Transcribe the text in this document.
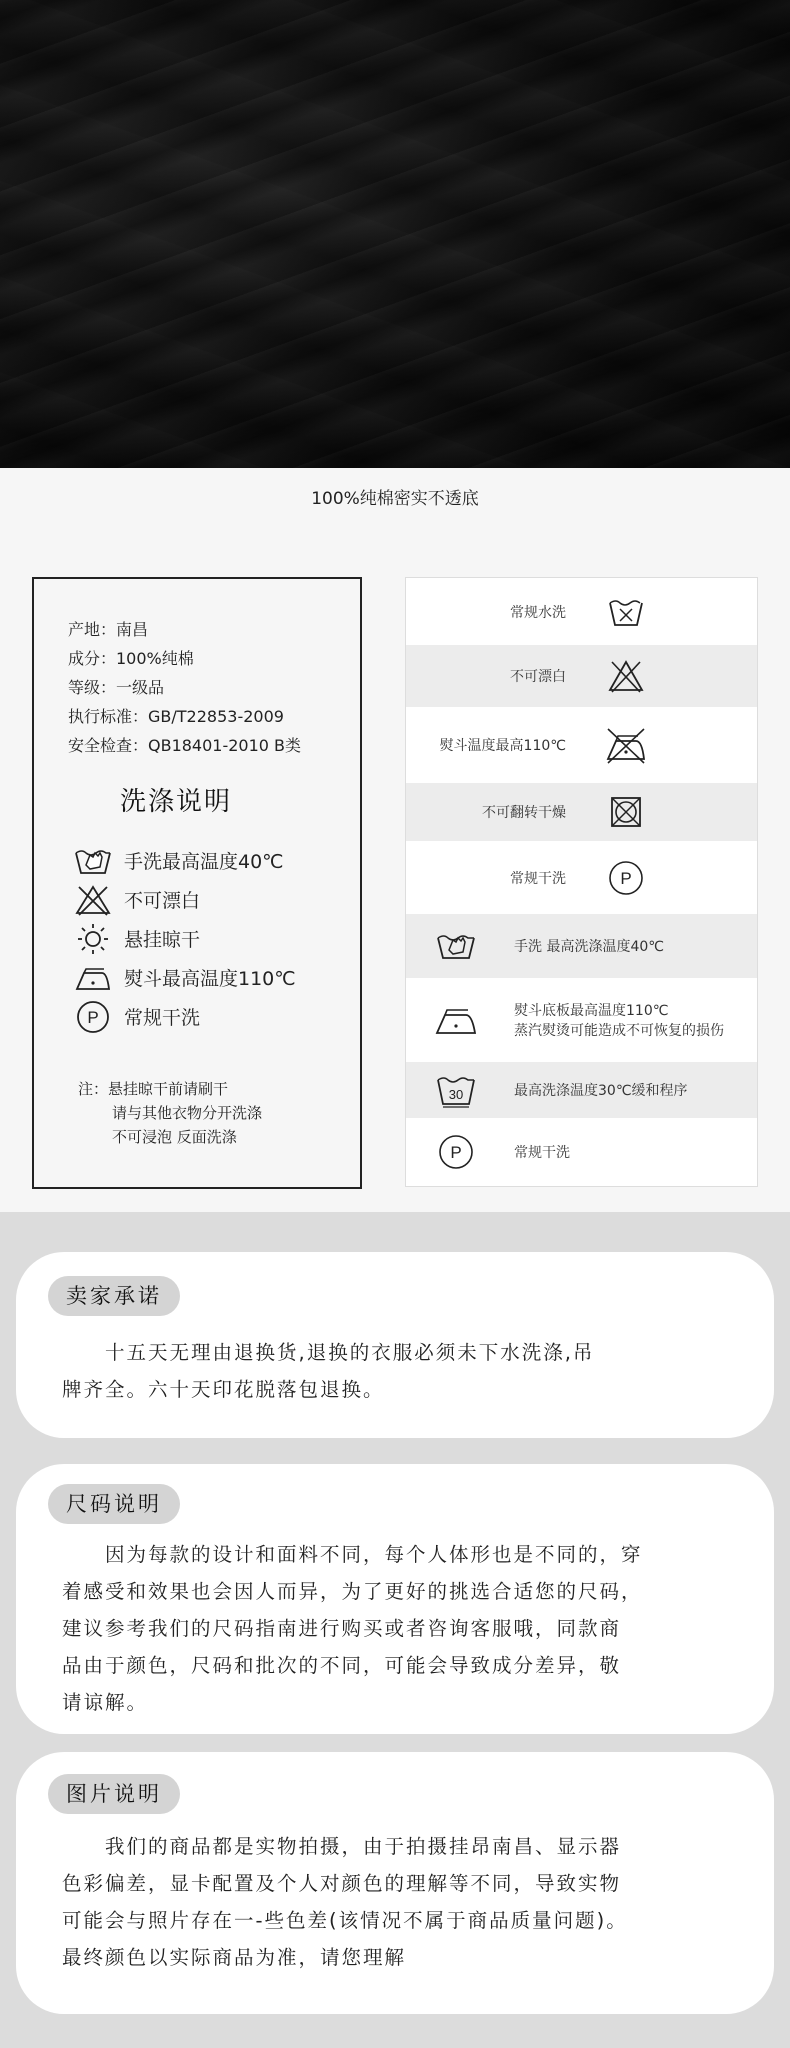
100%纯棉密实不透底
产地：南昌
成分：100%纯棉
等级：一级品
执行标准：GB/T22853-2009
安全检查：QB18401-2010 B类
洗涤说明
手洗最高温度40℃
不可漂白
悬挂晾干
熨斗最高温度110℃
P 常规干洗
注：悬挂晾干前请刷干
请与其他衣物分开洗涤
不可浸泡 反面洗涤
常规水洗
不可漂白
熨斗温度最高110℃
不可翻转干燥
常规干洗	P
手洗 最高洗涤温度40℃
熨斗底板最高温度110℃
蒸汽熨烫可能造成不可恢复的损伤
30	最高洗涤温度30℃缓和程序
P	常规干洗
卖家承诺
　　十五天无理由退换货,退换的衣服必须未下水洗涤,吊
牌齐全。六十天印花脱落包退换。
尺码说明
　　因为每款的设计和面料不同，每个人体形也是不同的，穿
着感受和效果也会因人而异，为了更好的挑选合适您的尺码，
建议参考我们的尺码指南进行购买或者咨询客服哦，同款商
品由于颜色，尺码和批次的不同，可能会导致成分差异，敬
请谅解。
图片说明
　　我们的商品都是实物拍摄，由于拍摄挂昂南昌、显示器
色彩偏差，显卡配置及个人对颜色的理解等不同，导致实物
可能会与照片存在一-些色差(该情况不属于商品质量问题)。
最终颜色以实际商品为准，请您理解
